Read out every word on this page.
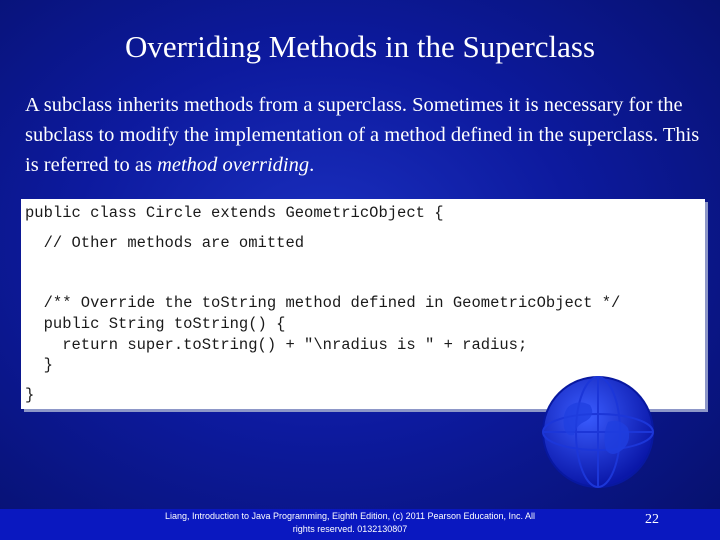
Overriding Methods in the Superclass
A subclass inherits methods from a superclass. Sometimes it is necessary for the subclass to modify the implementation of a method defined in the superclass. This is referred to as method overriding.
public class Circle extends GeometricObject {
// Other methods are omitted
/** Override the toString method defined in GeometricObject */
public String toString() {
return super.toString() + "\nradius is " + radius;
}
}
Liang, Introduction to Java Programming, Eighth Edition, (c) 2011 Pearson Education, Inc. All
rights reserved. 0132130807
22
